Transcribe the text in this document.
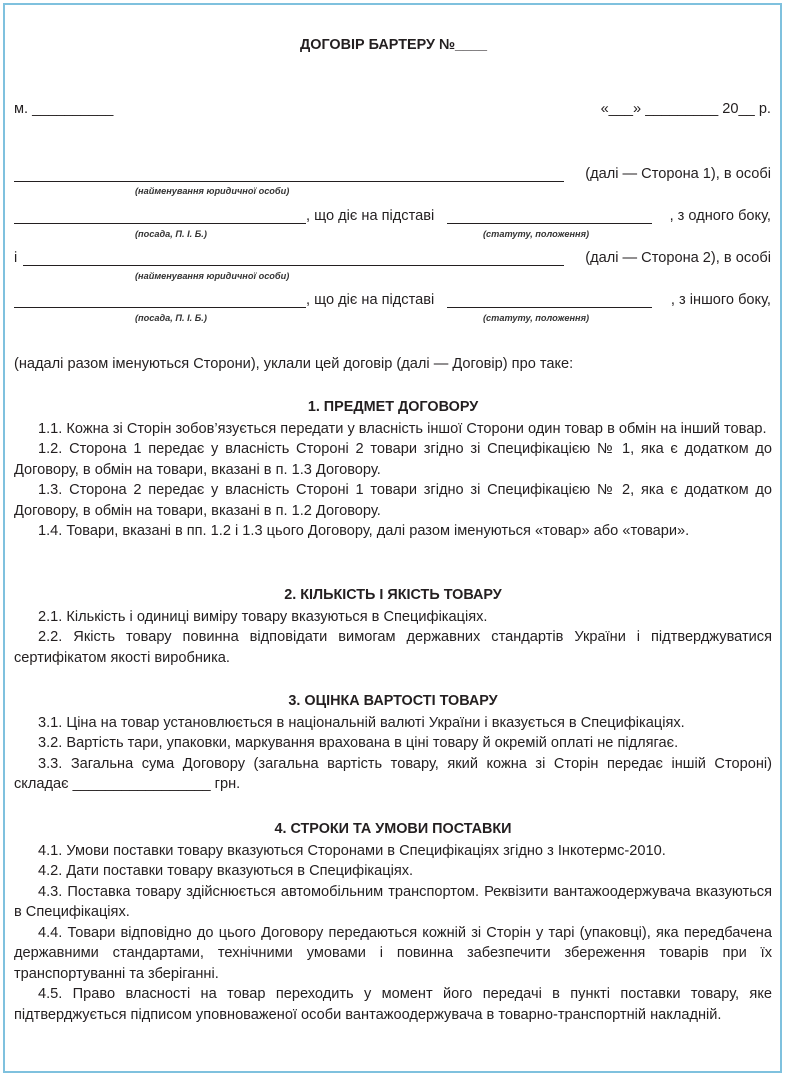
ДОГОВІР БАРТЕРУ №____
м. __________	«___» _________ 20__ р.
(далі — Сторона 1), в особі
(найменування юридичної особи)
, що діє на підставі	, з одного боку,
(посада, П. І. Б.)	(статуту, положення)
і	(далі — Сторона 2), в особі
(найменування юридичної особи)
, що діє на підставі	, з іншого боку,
(посада, П. І. Б.)	(статуту, положення)
(надалі разом іменуються Сторони), уклали цей договір (далі — Договір) про таке:

1. ПРЕДМЕТ ДОГОВОРУ

1.1. Кожна зі Сторін зобов’язується передати у власність іншої Сторони один товар в обмін на інший товар.

1.2. Сторона 1 передає у власність Стороні 2 товари згідно зі Специфікацією № 1, яка є додатком до Договору, в обмін на товари, вказані в п. 1.3 Договору.

1.3. Сторона 2 передає у власність Стороні 1 товари згідно зі Специфікацією № 2, яка є додатком до Договору, в обмін на товари, вказані в п. 1.2 Договору.

1.4. Товари, вказані в пп. 1.2 і 1.3 цього Договору, далі разом іменуються «товар» або «товари».

2. КІЛЬКІСТЬ І ЯКІСТЬ ТОВАРУ

2.1. Кількість і одиниці виміру товару вказуються в Специфікаціях.

2.2. Якість товару повинна відповідати вимогам державних стандартів України і підтверджуватися сертифікатом якості виробника.

3. ОЦІНКА ВАРТОСТІ ТОВАРУ

3.1. Ціна на товар установлюється в національній валюті України і вказується в Специфікаціях.

3.2. Вартість тари, упаковки, маркування врахована в ціні товару й окремій оплаті не підлягає.

3.3. Загальна сума Договору (загальна вартість товару, який кожна зі Сторін передає іншій Стороні) складає _________________ грн.

4. СТРОКИ ТА УМОВИ ПОСТАВКИ

4.1. Умови поставки товару вказуються Сторонами в Специфікаціях згідно з Інкотермс-2010.

4.2. Дати поставки товару вказуються в Специфікаціях.

4.3. Поставка товару здійснюється автомобільним транспортом. Реквізити вантажоодержувача вказуються в Специфікаціях.

4.4. Товари відповідно до цього Договору передаються кожній зі Сторін у тарі (упаковці), яка передбачена державними стандартами, технічними умовами і повинна забезпечити збереження товарів при їх транспортуванні та зберіганні.

4.5. Право власності на товар переходить у момент його передачі в пункті поставки товару, яке підтверджується підписом уповноваженої особи вантажоодержувача в товарно-транспортній накладній.
